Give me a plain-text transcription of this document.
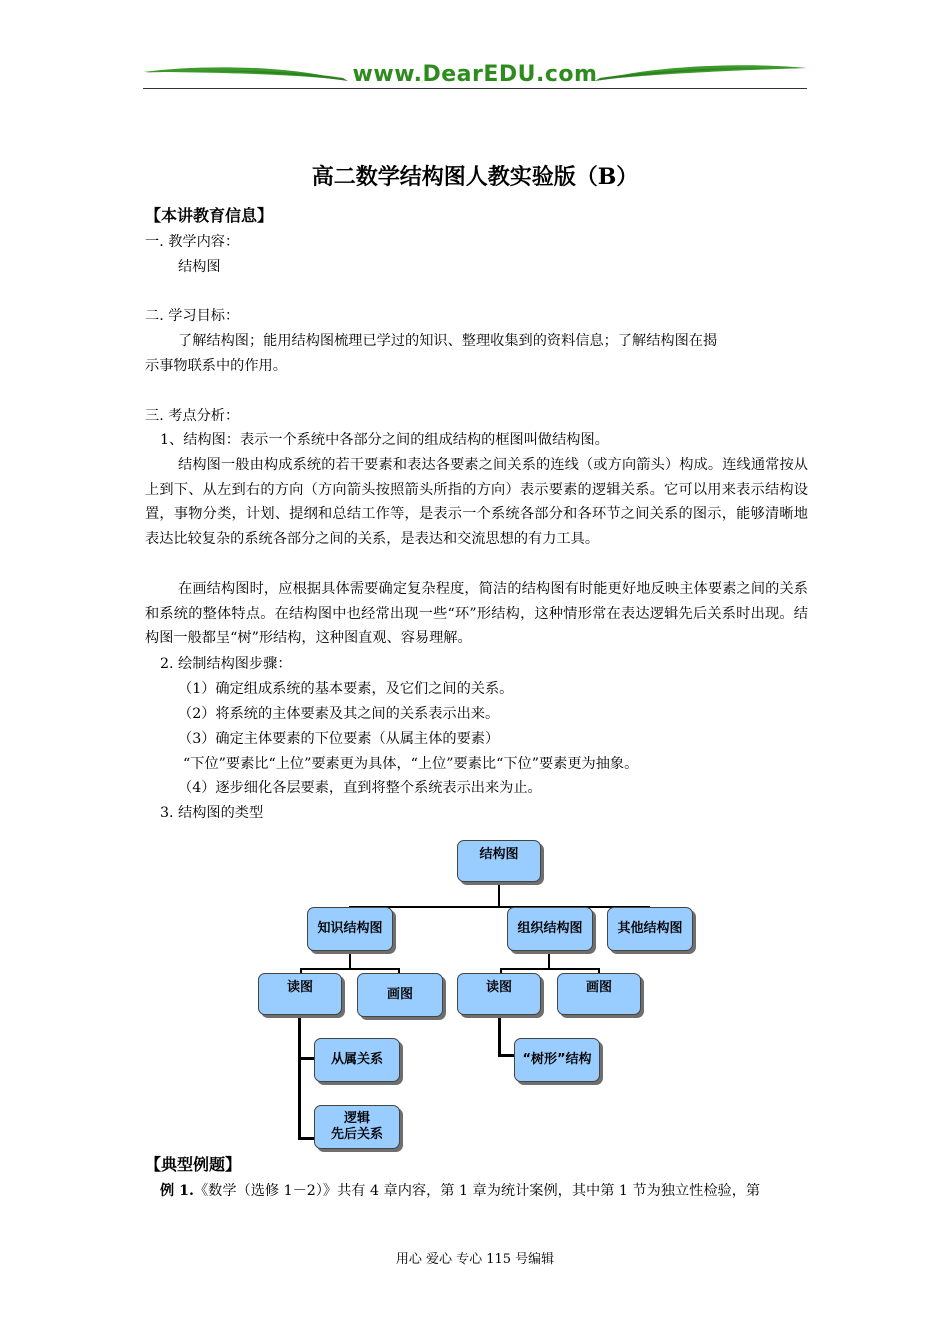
www.DearEDU.com
高二数学结构图人教实验版（B）
【本讲教育信息】
一. 教学内容：
结构图
二. 学习目标：
了解结构图；能用结构图梳理已学过的知识、整理收集到的资料信息；了解结构图在揭
示事物联系中的作用。
三. 考点分析：
1、结构图：表示一个系统中各部分之间的组成结构的框图叫做结构图。
结构图一般由构成系统的若干要素和表达各要素之间关系的连线（或方向箭头）构成。连线通常按从上到下、从左到右的方向（方向箭头按照箭头所指的方向）表示要素的逻辑关系。它可以用来表示结构设置，事物分类，计划、提纲和总结工作等，是表示一个系统各部分和各环节之间关系的图示，能够清晰地表达比较复杂的系统各部分之间的关系，是表达和交流思想的有力工具。
在画结构图时，应根据具体需要确定复杂程度，简洁的结构图有时能更好地反映主体要素之间的关系和系统的整体特点。在结构图中也经常出现一些“环”形结构，这种情形常在表达逻辑先后关系时出现。结构图一般都呈“树”形结构，这种图直观、容易理解。
2. 绘制结构图步骤：
（1）确定组成系统的基本要素，及它们之间的关系。
（2）将系统的主体要素及其之间的关系表示出来。
（3）确定主体要素的下位要素（从属主体的要素）
“下位”要素比“上位”要素更为具体，“上位”要素比“下位”要素更为抽象。
（4）逐步细化各层要素，直到将整个系统表示出来为止。
3. 结构图的类型
结构图
知识结构图	组织结构图	其他结构图
读图	画图	读图	画图
从属关系	“树形”结构
逻辑
先后关系
【典型例题】
例 1.《数学（选修 1－2）》共有 4 章内容，第 1 章为统计案例，其中第 1 节为独立性检验，第
用心 爱心 专心 115 号编辑
